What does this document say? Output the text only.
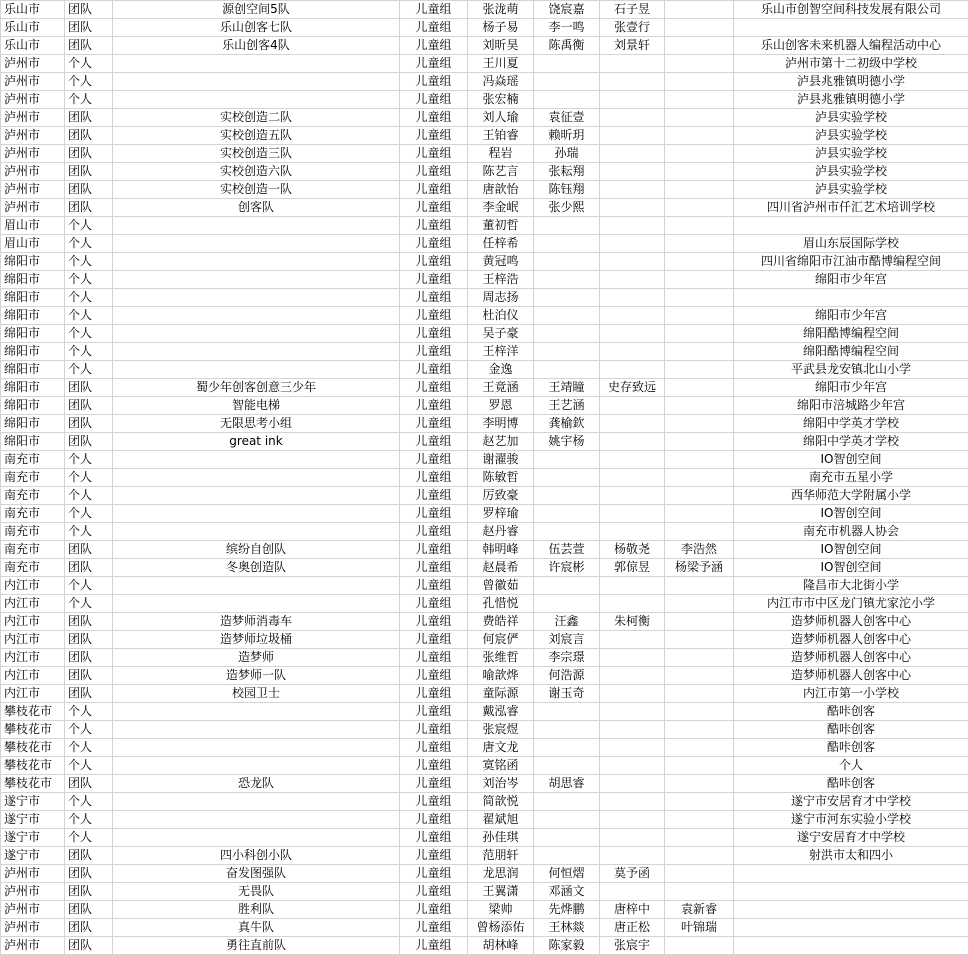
乐山市	团队	源创空间5队	儿童组	张泷萌	饶宸嘉	石子昱		乐山市创智空间科技发展有限公司
乐山市	团队	乐山创客七队	儿童组	杨子易	李一鸣	张壹行		
乐山市	团队	乐山创客4队	儿童组	刘昕昊	陈禹衡	刘景轩		乐山创客未来机器人编程活动中心
泸州市	个人		儿童组	王川夏				泸州市第十二初级中学校
泸州市	个人		儿童组	冯焱瑶				泸县兆雅镇明德小学
泸州市	个人		儿童组	张宏楠				泸县兆雅镇明德小学
泸州市	团队	实校创造二队	儿童组	刘人瑜	袁征壹			泸县实验学校
泸州市	团队	实校创造五队	儿童组	王铂睿	赖昕玥			泸县实验学校
泸州市	团队	实校创造三队	儿童组	程岩	孙瑞			泸县实验学校
泸州市	团队	实校创造六队	儿童组	陈艺言	张耘翔			泸县实验学校
泸州市	团队	实校创造一队	儿童组	唐歆怡	陈钰翔			泸县实验学校
泸州市	团队	创客队	儿童组	李金岷	张少熙			四川省泸州市仟汇艺术培训学校
眉山市	个人		儿童组	董初哲				
眉山市	个人		儿童组	任梓希				眉山东辰国际学校
绵阳市	个人		儿童组	黄冠鸣				四川省绵阳市江油市酷博编程空间
绵阳市	个人		儿童组	王梓浩				绵阳市少年宫
绵阳市	个人		儿童组	周志扬				
绵阳市	个人		儿童组	杜泊仪				绵阳市少年宫
绵阳市	个人		儿童组	吴子豪				绵阳酷博编程空间
绵阳市	个人		儿童组	王梓洋				绵阳酷博编程空间
绵阳市	个人		儿童组	金逸				平武县龙安镇北山小学
绵阳市	团队	蜀少年创客创意三少年	儿童组	王竟涵	王靖瞳	史存致远		绵阳市少年宫
绵阳市	团队	智能电梯	儿童组	罗恩	王艺涵			绵阳市涪城路少年宫
绵阳市	团队	无限思考小组	儿童组	李明博	龚榆欽			绵阳中学英才学校
绵阳市	团队	great ink	儿童组	赵艺加	姚宇杨			绵阳中学英才学校
南充市	个人		儿童组	谢濯骏				IO智创空间
南充市	个人		儿童组	陈敏哲				南充市五星小学
南充市	个人		儿童组	厉致豪				西华师范大学附属小学
南充市	个人		儿童组	罗梓瑜				IO智创空间
南充市	个人		儿童组	赵丹睿				南充市机器人协会
南充市	团队	缤纷自创队	儿童组	韩明峰	伍芸萱	杨敬尧	李浩然	IO智创空间
南充市	团队	冬奥创造队	儿童组	赵晨希	许宸彬	郭倞昱	杨梁予涵	IO智创空间
内江市	个人		儿童组	曾徽茹				隆昌市大北街小学
内江市	个人		儿童组	孔惜悦				内江市市中区龙门镇尤家沱小学
内江市	团队	造梦师消毒车	儿童组	费皓祥	汪鑫	朱柯衡		造梦师机器人创客中心
内江市	团队	造梦师垃圾桶	儿童组	何宸俨	刘宸言			造梦师机器人创客中心
内江市	团队	造梦师	儿童组	张维哲	李宗璟			造梦师机器人创客中心
内江市	团队	造梦师一队	儿童组	喻歆烨	何浩源			造梦师机器人创客中心
内江市	团队	校园卫士	儿童组	童际源	谢玉奇			内江市第一小学校
攀枝花市	个人		儿童组	戴泓睿				酷咔创客
攀枝花市	个人		儿童组	张宸煜				酷咔创客
攀枝花市	个人		儿童组	唐文龙				酷咔创客
攀枝花市	个人		儿童组	寞铭函				个人
攀枝花市	团队	恐龙队	儿童组	刘治岑	胡思睿			酷咔创客
遂宁市	个人		儿童组	简歆悦				遂宁市安居育才中学校
遂宁市	个人		儿童组	翟斌旭				遂宁市河东实验小学校
遂宁市	个人		儿童组	孙佳琪				遂宁安居育才中学校
遂宁市	团队	四小科创小队	儿童组	范朋轩				射洪市太和四小
泸州市	团队	奋发图强队	儿童组	龙思润	何恒熠	莫予函		
泸州市	团队	无畏队	儿童组	王翼潇	邓涵文			
泸州市	团队	胜利队	儿童组	梁帅	先烨鹏	唐梓中	袁新睿	
泸州市	团队	真牛队	儿童组	曾杨添佑	王林燚	唐正松	叶锦瑞	
泸州市	团队	勇往直前队	儿童组	胡林峰	陈家毅	张宸宇		
